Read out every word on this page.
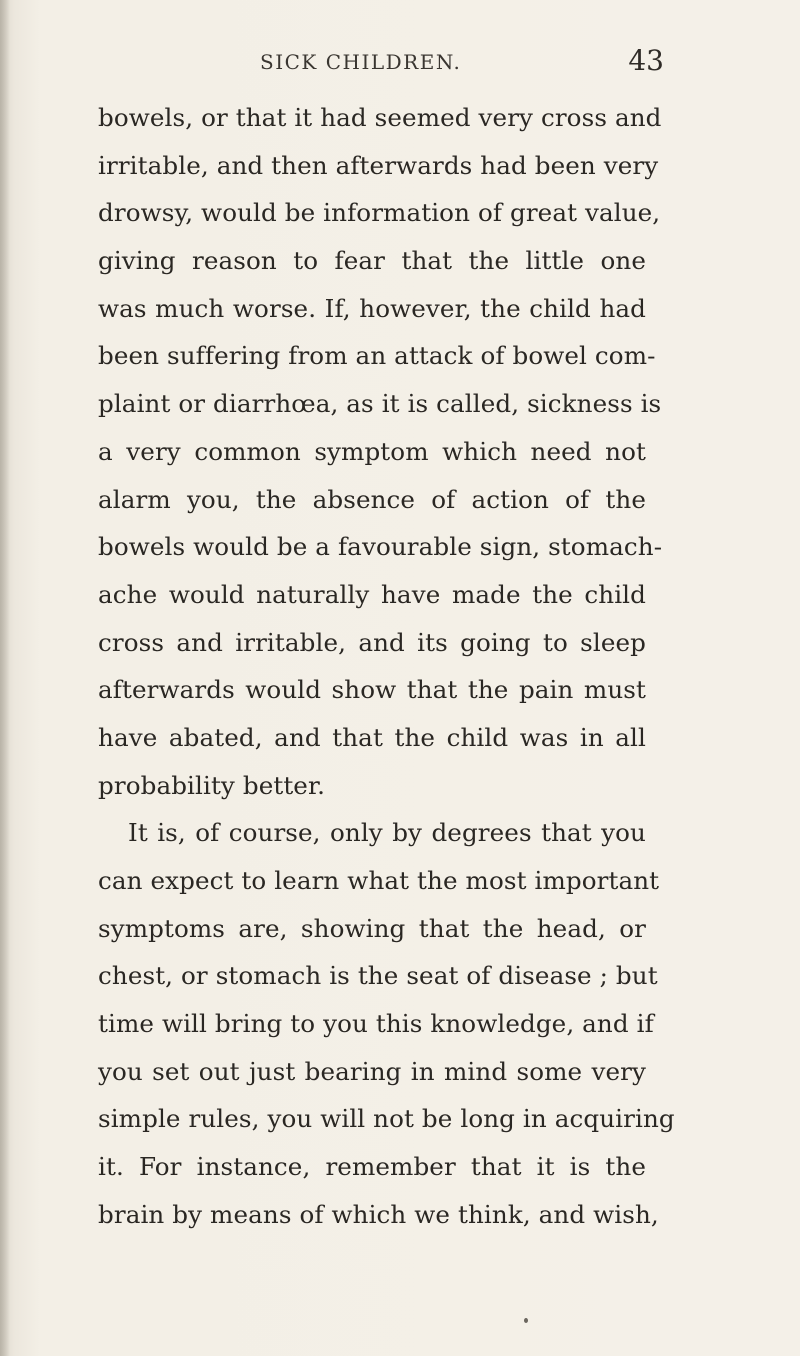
SICK CHILDREN.	43
bowels, or that it had seemed very cross and
irritable, and then afterwards had been very
drowsy, would be information of great value,
giving reason to fear that the little one
was much worse. If, however, the child had
been suffering from an attack of bowel com-
plaint or diarrhœa, as it is called, sickness is
a very common symptom which need not
alarm you, the absence of action of the
bowels would be a favourable sign, stomach-
ache would naturally have made the child
cross and irritable, and its going to sleep
afterwards would show that the pain must
have abated, and that the child was in all
probability better.
It is, of course, only by degrees that you
can expect to learn what the most important
symptoms are, showing that the head, or
chest, or stomach is the seat of disease ; but
time will bring to you this knowledge, and if
you set out just bearing in mind some very
simple rules, you will not be long in acquiring
it. For instance, remember that it is the
brain by means of which we think, and wish,
